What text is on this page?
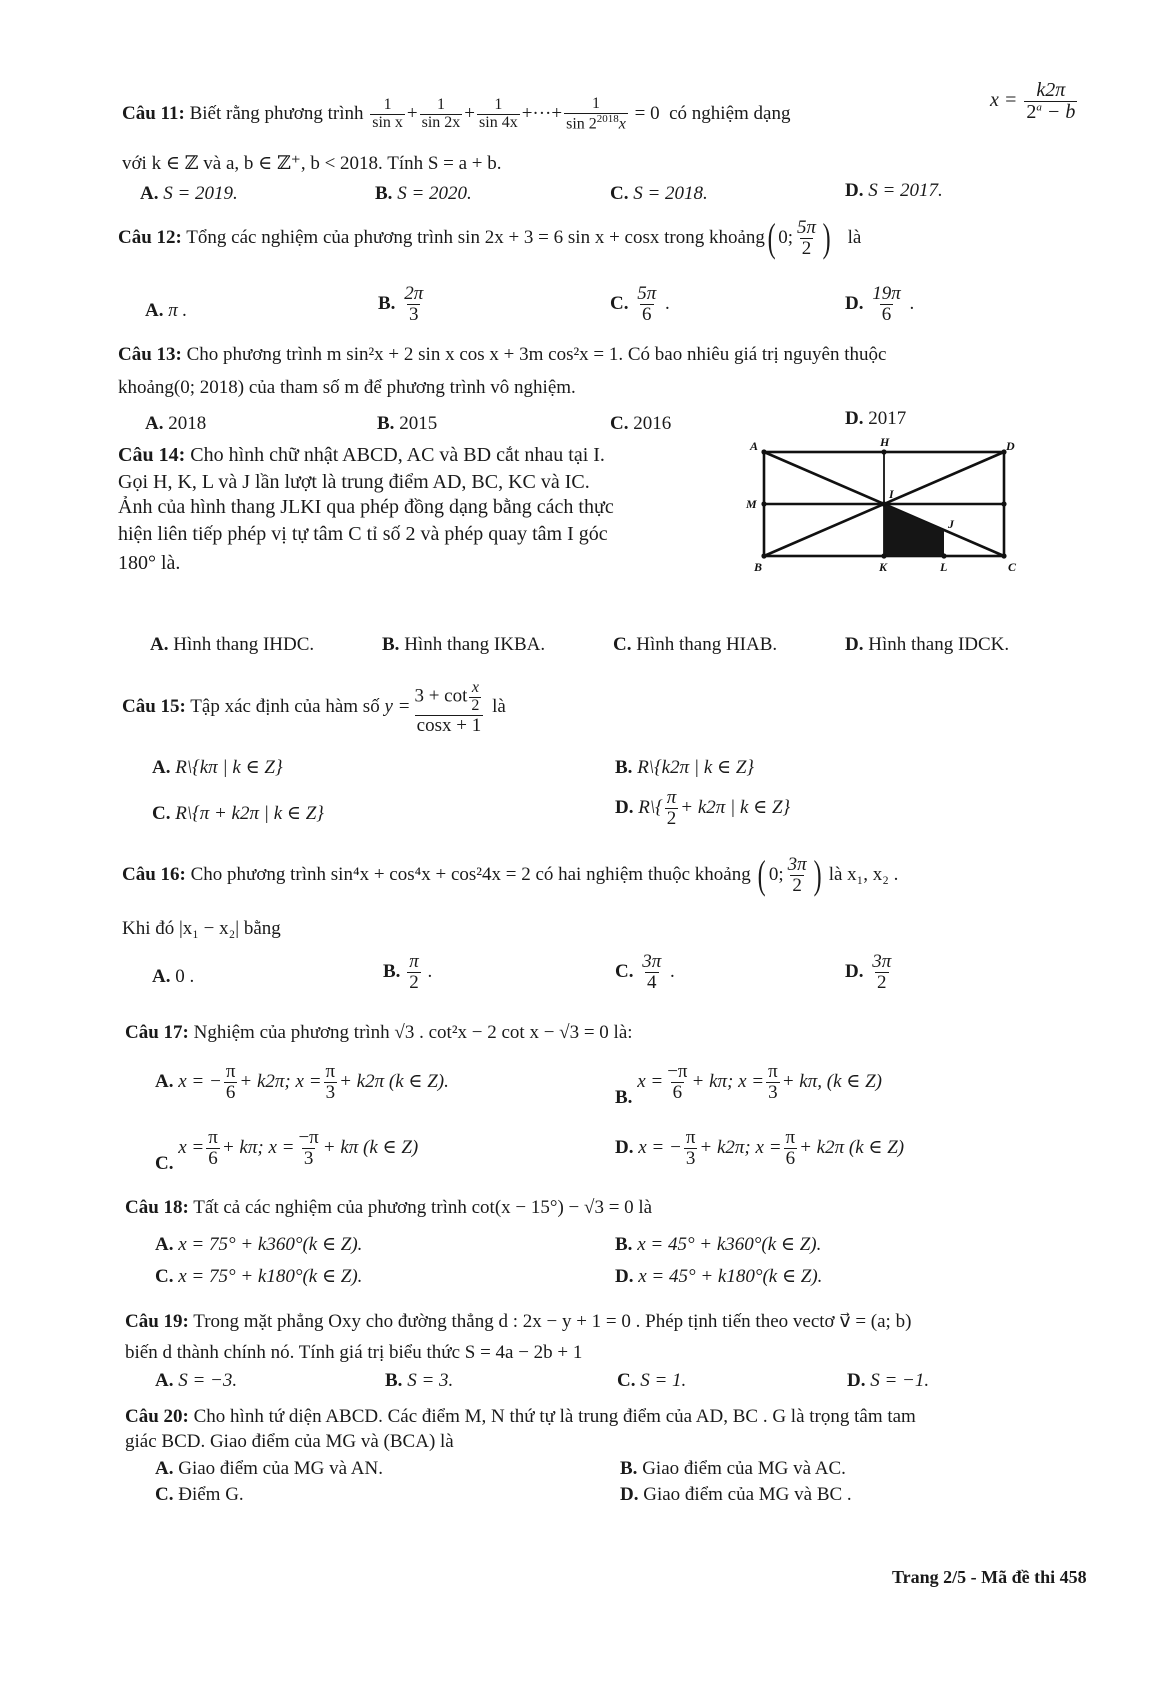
Câu 11: Biết rằng phương trình $\frac{1}{\text{sin x}} + \frac{1}{\sin 2x} + \frac{1}{\sin 4x}$ +···+ $\frac{1}{\sin 2^{2018}x} = 0$ có nghiệm dạng
$x = \frac{k2\pi}{2^a - b}$
với k ∈ ℤ và a, b ∈ ℤ⁺, b < 2018. Tính S = a + b.
A. S = 2019.	B. S = 2020.	C. S = 2018.	D. S = 2017.
Câu 12: Tổng các nghiệm của phương trình sin 2x + 3 = 6 sin x + cosx trong khoảng( 0; $\frac{5\pi}{2}$ ) là
A. π .	B. $\frac{2\pi}{3}$	C. $\frac{5\pi}{6}$ .	D. $\frac{19\pi}{6}$ .
Câu 13: Cho phương trình m sin²x + 2 sin x cos x + 3m cos²x = 1. Có bao nhiêu giá trị nguyên thuộc
khoảng(0; 2018) của tham số m để phương trình vô nghiệm.
A. 2018	B. 2015	C. 2016	D. 2017
Câu 14: Cho hình chữ nhật ABCD, AC và BD cắt nhau tại I.
Gọi H, K, L và J lần lượt là trung điểm AD, BC, KC và IC.
Ảnh của hình thang JLKI qua phép đồng dạng bằng cách thực
hiện liên tiếp phép vị tự tâm C tỉ số 2 và phép quay tâm I góc
180° là.
A	H	D
M
I
J
B	K	L	C
A. Hình thang IHDC.	B. Hình thang IKBA.	C. Hình thang HIAB.	D. Hình thang IDCK.
Câu 15: Tập xác định của hàm số $y = \frac{3 + \cot \frac{x}{2}}{\cos x + 1}$ là
A. R\{kπ | k ∈ Z}	B. R\{k2π | k ∈ Z}
C. R\{π + k2π | k ∈ Z}	D. R\{ $\frac{\pi}{2} + k2\pi$ | k ∈ Z}
Câu 16: Cho phương trình sin⁴x + cos⁴x + cos²4x = 2 có hai nghiệm thuộc khoảng ( 0; $\frac{3\pi}{2}$ ) là x₁, x₂ .
Khi đó |x₁ − x₂| bằng
A. 0 .	B. $\frac{\pi}{2}$ .	C. $\frac{3\pi}{4}$ .	D. $\frac{3\pi}{2}$
Câu 17: Nghiệm của phương trình √3 . cot²x − 2 cot x − √3 = 0 là:
A. x = − $\frac{\pi}{6} + k2\pi$; $x = \frac{\pi}{3} + k2\pi$ (k ∈ Z).
B. $x = \frac{-\pi}{6} + k\pi$; $x = \frac{\pi}{3} + k\pi$, (k ∈ Z)
C. $x = \frac{\pi}{6} + k\pi$; $x = \frac{-\pi}{3} + k\pi$ (k ∈ Z)	D. x = − $\frac{\pi}{3} + k2\pi$; $x = \frac{\pi}{6} + k2\pi$ (k ∈ Z)
Câu 18: Tất cả các nghiệm của phương trình cot(x − 15°) − √3 = 0 là
A. x = 75° + k360°(k ∈ Z).	B. x = 45° + k360°(k ∈ Z).
C. x = 75° + k180°(k ∈ Z).	D. x = 45° + k180°(k ∈ Z).
Câu 19: Trong mặt phẳng Oxy cho đường thẳng d : 2x − y + 1 = 0 . Phép tịnh tiến theo vectơ v⃗ = (a; b)
biến d thành chính nó. Tính giá trị biểu thức S = 4a − 2b + 1
A. S = −3.	B. S = 3.	C. S = 1.	D. S = −1.
Câu 20: Cho hình tứ diện ABCD. Các điểm M, N thứ tự là trung điểm của AD, BC . G là trọng tâm tam
giác BCD. Giao điểm của MG và (BCA) là
A. Giao điểm của MG và AN.	B. Giao điểm của MG và AC.
C. Điểm G.	D. Giao điểm của MG và BC .
Trang 2/5 - Mã đề thi 458
